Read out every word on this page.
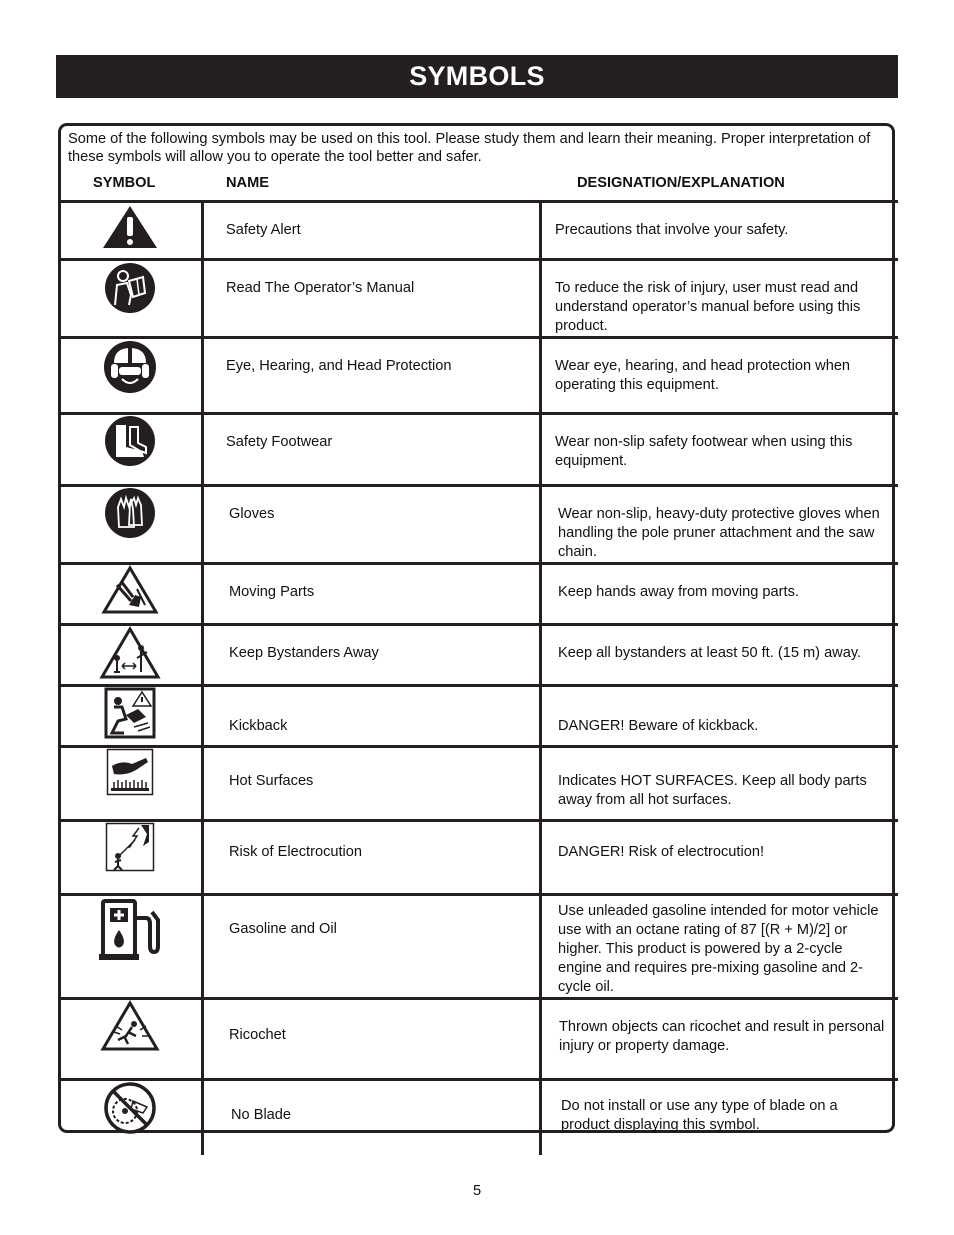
SYMBOLS
Some of the following symbols may be used on this tool. Please study them and learn their meaning. Proper interpretation of these symbols will allow you to operate the tool better and safer.
SYMBOL	NAME	DESIGNATION/EXPLANATION
	Safety Alert	Precautions that involve your safety.

	Read The Operator’s Manual	To reduce the risk of injury, user must read and understand operator’s manual before using this product.

	Eye, Hearing, and Head Protection	Wear eye, hearing, and head protection when operating this equipment.

	Safety Footwear	Wear non-slip safety footwear when using this equipment.

	Gloves	Wear non-slip, heavy-duty protective gloves when handling the pole pruner attachment and the saw chain.

	Moving Parts	Keep hands away from moving parts.

	Keep Bystanders Away	Keep all bystanders at least 50 ft. (15 m) away.

	Kickback	DANGER! Beware of kickback.

	Hot Surfaces	Indicates HOT SURFACES. Keep all body parts away from all hot surfaces.

	Risk of Electrocution	DANGER! Risk of electrocution!

	Gasoline and Oil	Use unleaded gasoline intended for motor vehicle use with an octane rating of 87 [(R + M)/2] or higher. This product is powered by a 2-cycle engine and requires pre-mixing gasoline and 2-cycle oil.

	Ricochet	Thrown objects can ricochet and result in personal injury or property damage.

	No Blade	Do not install or use any type of blade on a product displaying this symbol.
5
